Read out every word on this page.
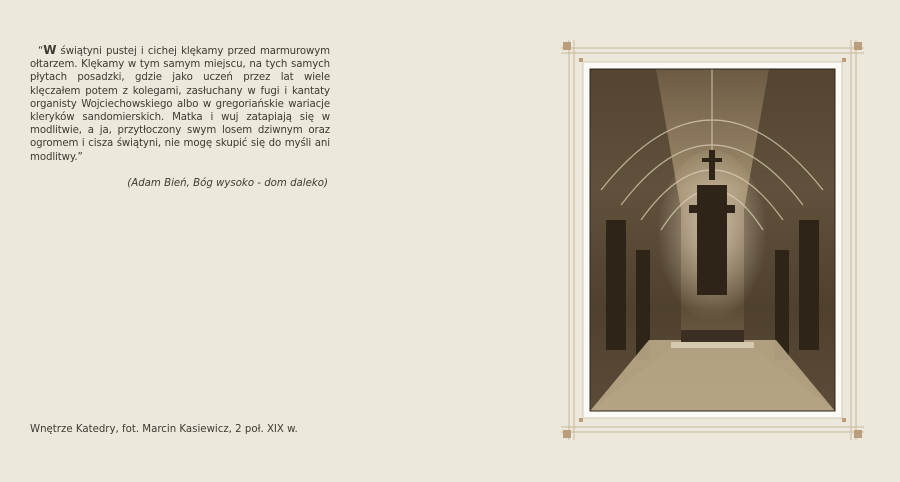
“W świątyni pustej i cichej klękamy przed marmurowym ołtarzem. Klękamy w tym samym miejscu, na tych samych płytach posadzki, gdzie jako uczeń przez lat wiele klęczałem potem z kolegami, zasłuchany w fugi i kantaty organisty Wojciechowskiego albo w gregoriańskie wariacje kleryków sandomierskich. Matka i wuj zatapiają się w modlitwie, a ja, przytłoczony swym losem dziwnym oraz ogromem i cisza świątyni, nie mogę skupić się do myśli ani modlitwy.”
(Adam Bień, Bóg wysoko - dom daleko)
Wnętrze Katedry, fot. Marcin Kasiewicz, 2 poł. XIX w.
